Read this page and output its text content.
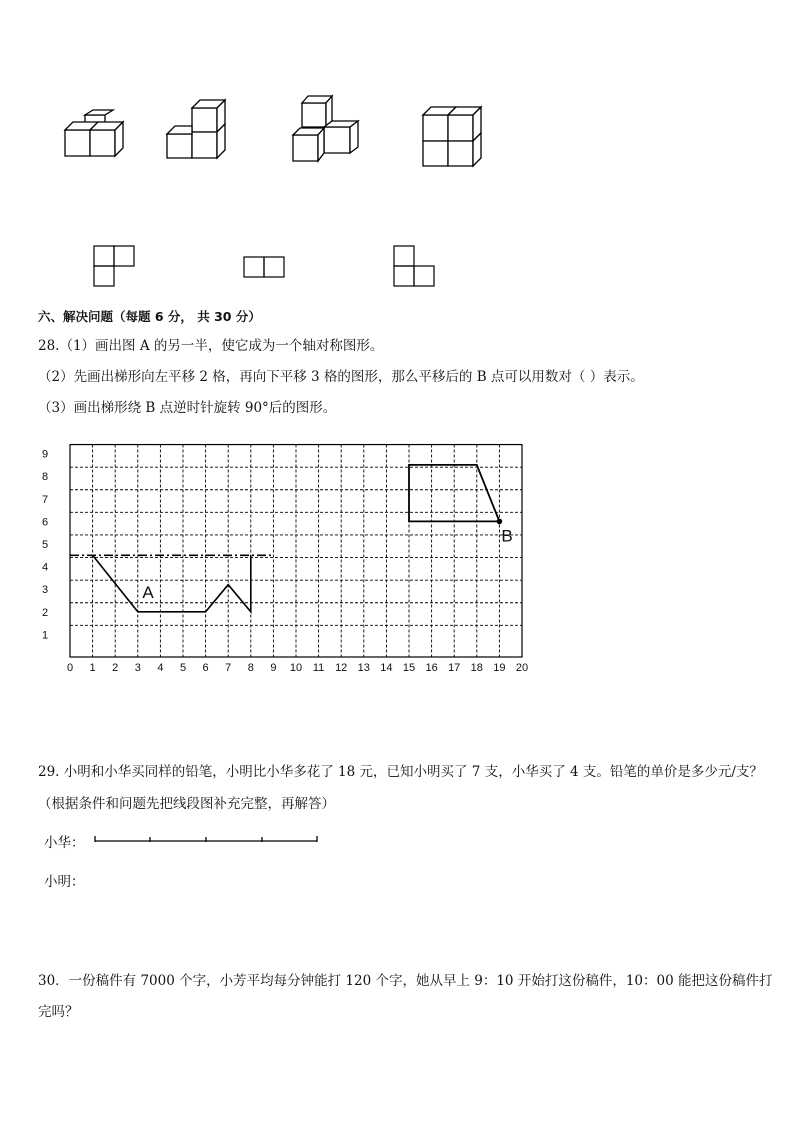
六、解决问题（每题 6 分， 共 30 分）
28.（1）画出图 A 的另一半，使它成为一个轴对称图形。
（2）先画出梯形向左平移 2 格，再向下平移 3 格的图形，那么平移后的 B 点可以用数对（ ）表示。
（3）画出梯形绕 B 点逆时针旋转 90°后的图形。
0 1 2 3 4 5 6 7 8 9 10 11 12 13 14 15 16 17 18 19 20
1
2
3
4
5
6
7
8
9
A
B
29. 小明和小华买同样的铅笔，小明比小华多花了 18 元，已知小明买了 7 支，小华买了 4 支。铅笔的单价是多少元/支？
（根据条件和问题先把线段图补充完整，再解答）
小华：
小明：
30．一份稿件有 7000 个字，小芳平均每分钟能打 120 个字，她从早上 9：10 开始打这份稿件，10：00 能把这份稿件打
完吗？
